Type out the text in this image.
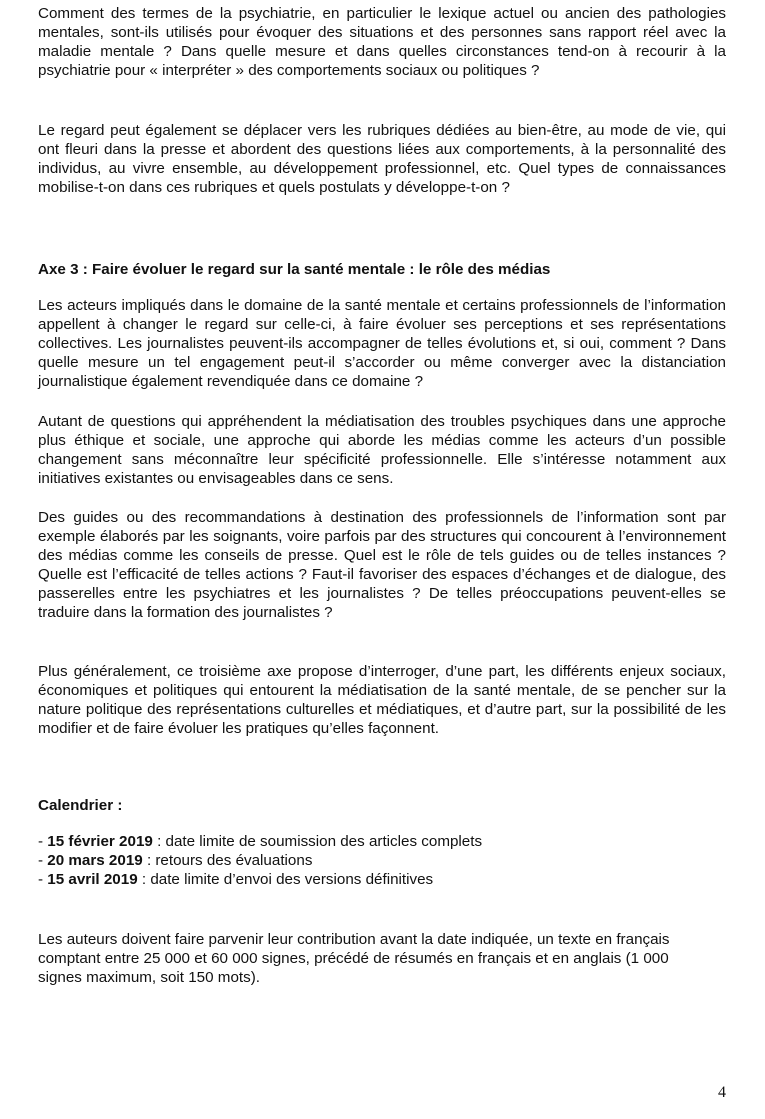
Comment des termes de la psychiatrie, en particulier le lexique actuel ou ancien des pathologies mentales, sont-ils utilisés pour évoquer des situations et des personnes sans rapport réel avec la maladie mentale ? Dans quelle mesure et dans quelles circonstances tend-on à recourir à la psychiatrie pour « interpréter » des comportements sociaux ou politiques ?

Le regard peut également se déplacer vers les rubriques dédiées au bien-être, au mode de vie, qui ont fleuri dans la presse et abordent des questions liées aux comportements, à la personnalité des individus, au vivre ensemble, au développement professionnel, etc. Quel types de connaissances mobilise-t-on dans ces rubriques et quels postulats y développe-t-on ?

Axe 3 : Faire évoluer le regard sur la santé mentale : le rôle des médias

Les acteurs impliqués dans le domaine de la santé mentale et certains professionnels de l’information appellent à changer le regard sur celle-ci, à faire évoluer ses perceptions et ses représentations collectives. Les journalistes peuvent-ils accompagner de telles évolutions et, si oui, comment ? Dans quelle mesure un tel engagement peut-il s’accorder ou même converger avec la distanciation journalistique également revendiquée dans ce domaine ?

Autant de questions qui appréhendent la médiatisation des troubles psychiques dans une approche plus éthique et sociale, une approche qui aborde les médias comme les acteurs d’un possible changement sans méconnaître leur spécificité professionnelle. Elle s’intéresse notamment aux initiatives existantes ou envisageables dans ce sens.

Des guides ou des recommandations à destination des professionnels de l’information sont par exemple élaborés par les soignants, voire parfois par des structures qui concourent à l’environnement des médias comme les conseils de presse. Quel est le rôle de tels guides ou de telles instances ? Quelle est l’efficacité de telles actions ? Faut-il favoriser des espaces d’échanges et de dialogue, des passerelles entre les psychiatres et les journalistes ? De telles préoccupations peuvent-elles se traduire dans la formation des journalistes ?

Plus généralement, ce troisième axe propose d’interroger, d’une part, les différents enjeux sociaux, économiques et politiques qui entourent la médiatisation de la santé mentale, de se pencher sur la nature politique des représentations culturelles et médiatiques, et d’autre part, sur la possibilité de les modifier et de faire évoluer les pratiques qu’elles façonnent.

Calendrier :

- 15 février 2019 : date limite de soumission des articles complets
- 20 mars 2019 : retours des évaluations
- 15 avril 2019 : date limite d’envoi des versions définitives

Les auteurs doivent faire parvenir leur contribution avant la date indiquée, un texte en français comptant entre 25 000 et 60 000 signes, précédé de résumés en français et en anglais (1 000 signes maximum, soit 150 mots).

4
